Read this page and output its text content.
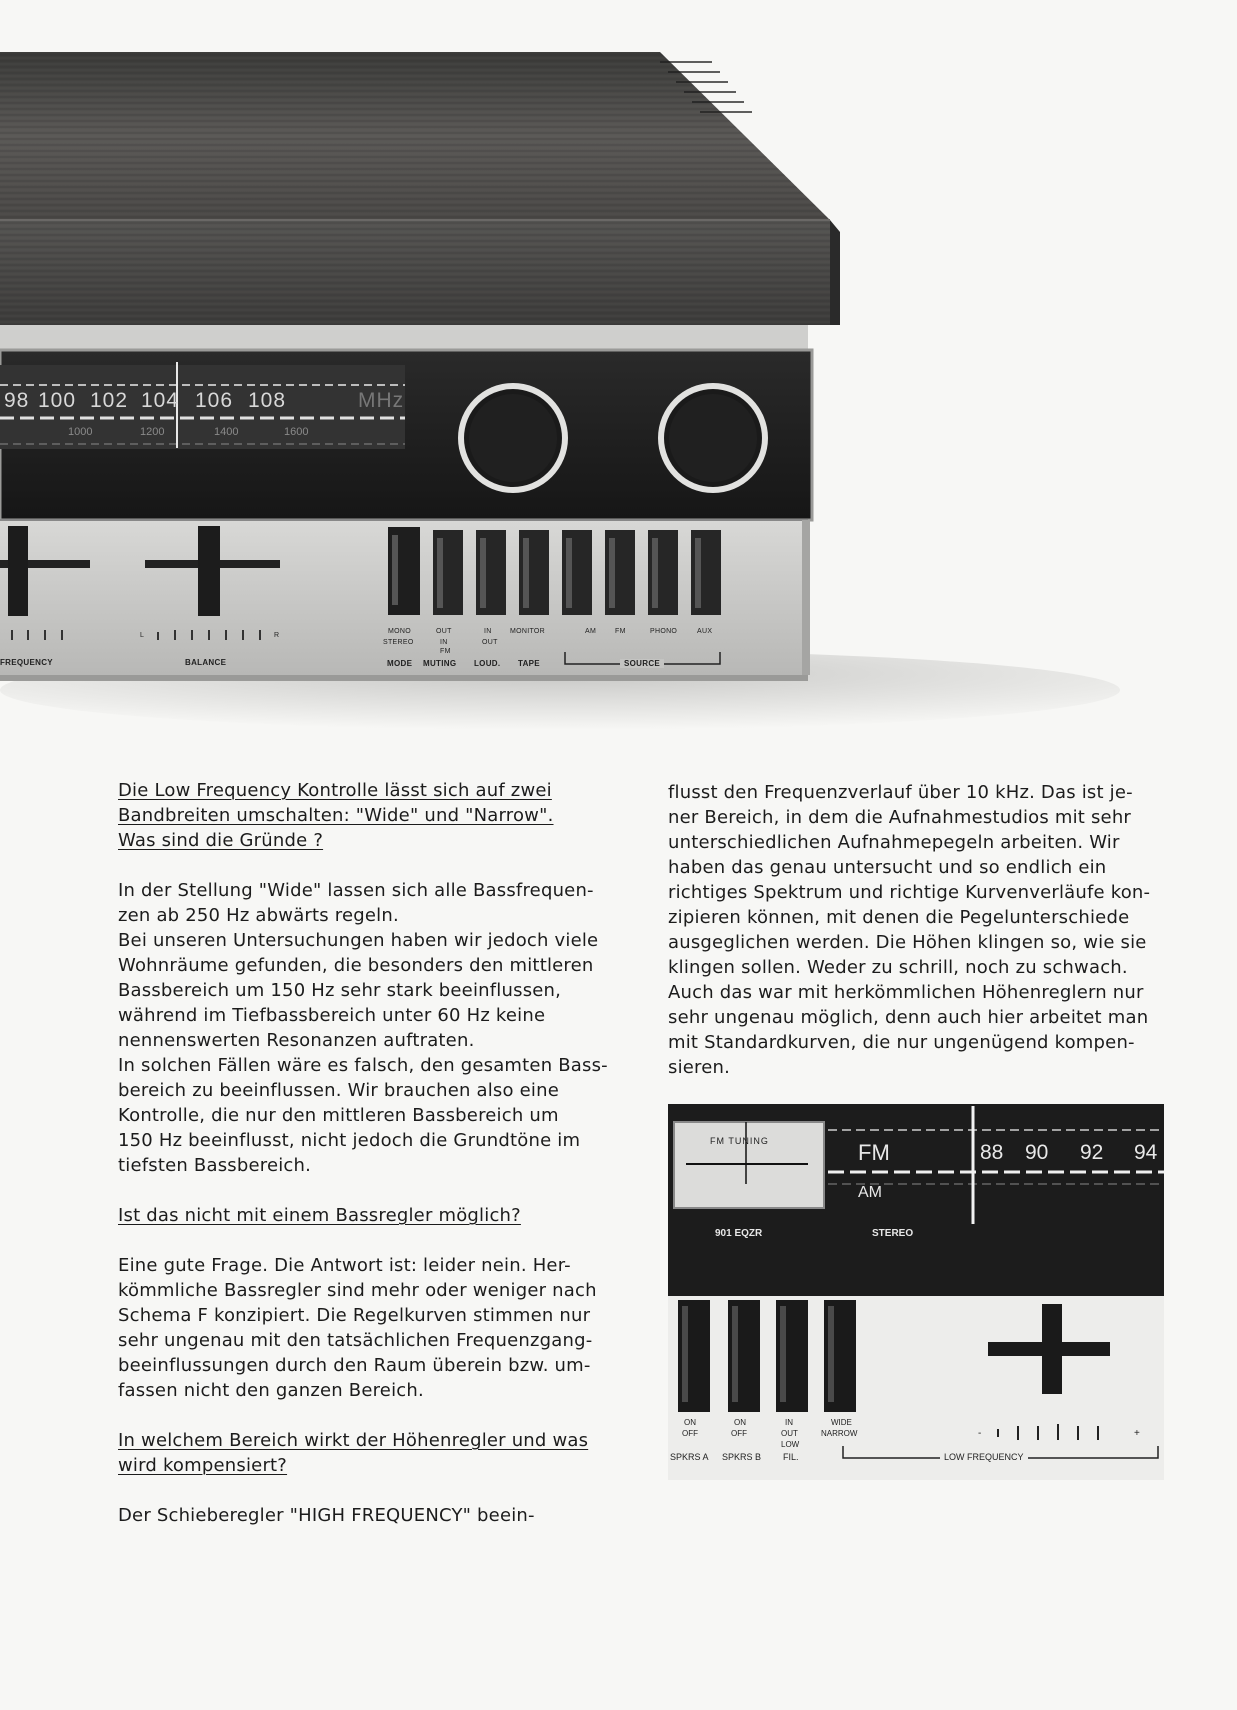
98 100 102 104 106 108	MHz
1000	1200	1400	1600
FREQUENCY	BALANCE
L	R
MONO
STEREO
OUT
IN
FM
IN
OUT
MONITOR	AM	FM	PHONO	AUX
MODE MUTING LOUD. TAPE	SOURCE

Die Low Frequency Kontrolle lässt sich auf zwei
Bandbreiten umschalten: "Wide" und "Narrow".
Was sind die Gründe ?

In der Stellung "Wide" lassen sich alle Bassfrequen-
zen ab 250 Hz abwärts regeln.
Bei unseren Untersuchungen haben wir jedoch viele
Wohnräume gefunden, die besonders den mittleren
Bassbereich um 150 Hz sehr stark beeinflussen,
während im Tiefbassbereich unter 60 Hz keine
nennenswerten Resonanzen auftraten.
In solchen Fällen wäre es falsch, den gesamten Bass-
bereich zu beeinflussen. Wir brauchen also eine
Kontrolle, die nur den mittleren Bassbereich um
150 Hz beeinflusst, nicht jedoch die Grundtöne im
tiefsten Bassbereich.

Ist das nicht mit einem Bassregler möglich?

Eine gute Frage. Die Antwort ist: leider nein. Her-
kömmliche Bassregler sind mehr oder weniger nach
Schema F konzipiert. Die Regelkurven stimmen nur
sehr ungenau mit den tatsächlichen Frequenzgang-
beeinflussungen durch den Raum überein bzw. um-
fassen nicht den ganzen Bereich.

In welchem Bereich wirkt der Höhenregler und was
wird kompensiert?

Der Schieberegler "HIGH FREQUENCY" beein-

flusst den Frequenzverlauf über 10 kHz. Das ist je-
ner Bereich, in dem die Aufnahmestudios mit sehr
unterschiedlichen Aufnahmepegeln arbeiten. Wir
haben das genau untersucht und so endlich ein
richtiges Spektrum und richtige Kurvenverläufe kon-
zipieren können, mit denen die Pegelunterschiede
ausgeglichen werden. Die Höhen klingen so, wie sie
klingen sollen. Weder zu schrill, noch zu schwach.
Auch das war mit herkömmlichen Höhenreglern nur
sehr ungenau möglich, denn auch hier arbeitet man
mit Standardkurven, die nur ungenügend kompen-
sieren.

FM TUNING	FM
AM
88 90 92 94
901 EQZR	STEREO
ON
OFF
ON
OFF
IN
OUT
WIDE
NARROW
LOW
SPKRS A SPKRS B FIL.
-	+
LOW FREQUENCY
